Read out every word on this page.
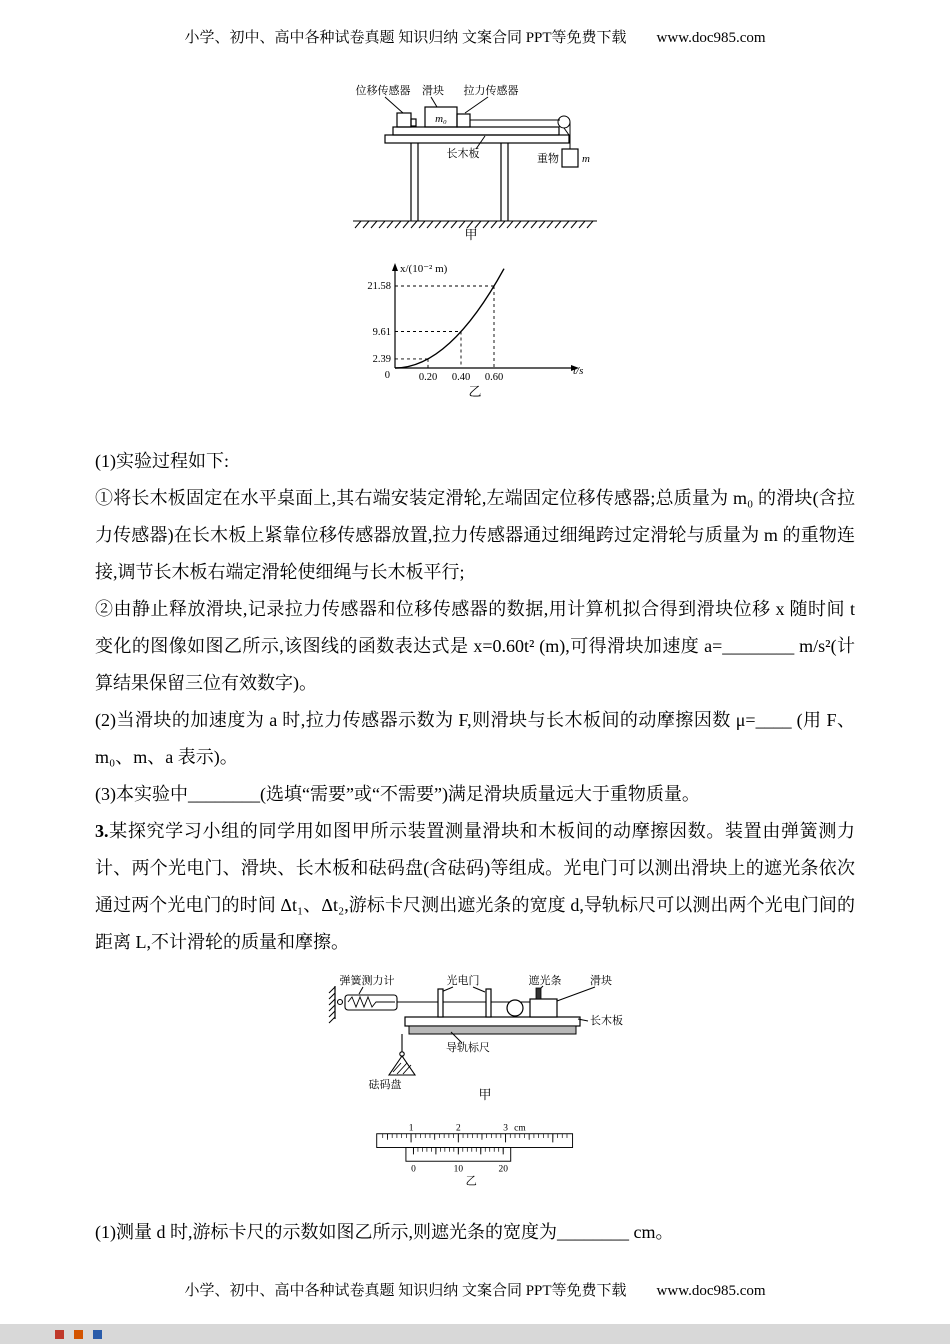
小学、初中、高中各种试卷真题 知识归纳 文案合同 PPT等免费下载 www.doc985.com
位移传感器 滑块 拉力传感器
m₀
重物 m
长木板
甲
x/(10⁻² m)
t/s
21.58
9.61
2.39
0	0.20 0.40 0.60
乙

(1)实验过程如下:

①将长木板固定在水平桌面上,其右端安装定滑轮,左端固定位移传感器;总质量为 m₀ 的滑块(含拉力传感器)在长木板上紧靠位移传感器放置,拉力传感器通过细绳跨过定滑轮与质量为 m 的重物连接,调节长木板右端定滑轮使细绳与长木板平行;

②由静止释放滑块,记录拉力传感器和位移传感器的数据,用计算机拟合得到滑块位移 x 随时间 t 变化的图像如图乙所示,该图线的函数表达式是 x=0.60t² (m),可得滑块加速度 a=________ m/s²(计算结果保留三位有效数字)。

(2)当滑块的加速度为 a 时,拉力传感器示数为 F,则滑块与长木板间的动摩擦因数 μ=____ (用 F、m₀、m、a 表示)。

(3)本实验中________(选填“需要”或“不需要”)满足滑块质量远大于重物质量。

3.某探究学习小组的同学用如图甲所示装置测量滑块和木板间的动摩擦因数。装置由弹簧测力计、两个光电门、滑块、长木板和砝码盘(含砝码)等组成。光电门可以测出滑块上的遮光条依次通过两个光电门的时间 Δt₁、Δt₂,游标卡尺测出遮光条的宽度 d,导轨标尺可以测出两个光电门间的距离 L,不计滑轮的质量和摩擦。

弹簧测力计	光电门	遮光条	滑块
长木板
导轨标尺
砝码盘
甲
1	2	3 cm
0	10	20
乙

(1)测量 d 时,游标卡尺的示数如图乙所示,则遮光条的宽度为________ cm。

小学、初中、高中各种试卷真题 知识归纳 文案合同 PPT等免费下载 www.doc985.com
